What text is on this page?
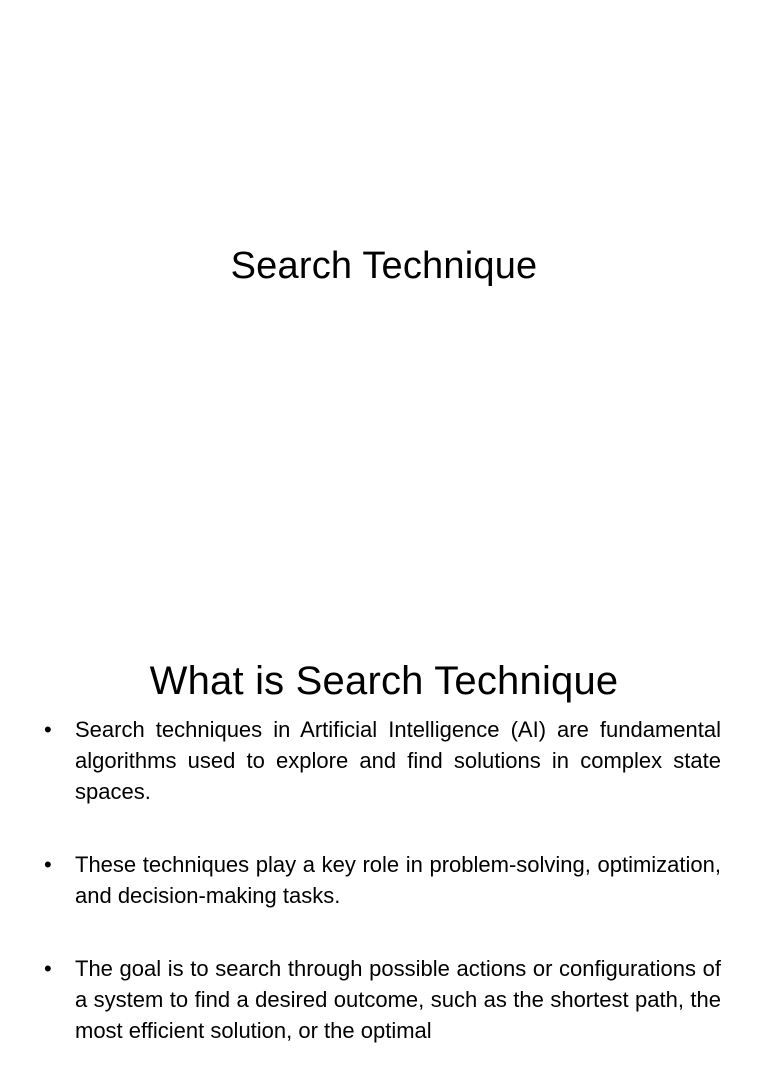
Search Technique
What is Search Technique
• Search techniques in Artificial Intelligence (AI) are fundamental algorithms used to explore and find solutions in complex state spaces.
• These techniques play a key role in problem-solving, optimization, and decision-making tasks.
• The goal is to search through possible actions or configurations of a system to find a desired outcome, such as the shortest path, the most efficient solution, or the optimal
